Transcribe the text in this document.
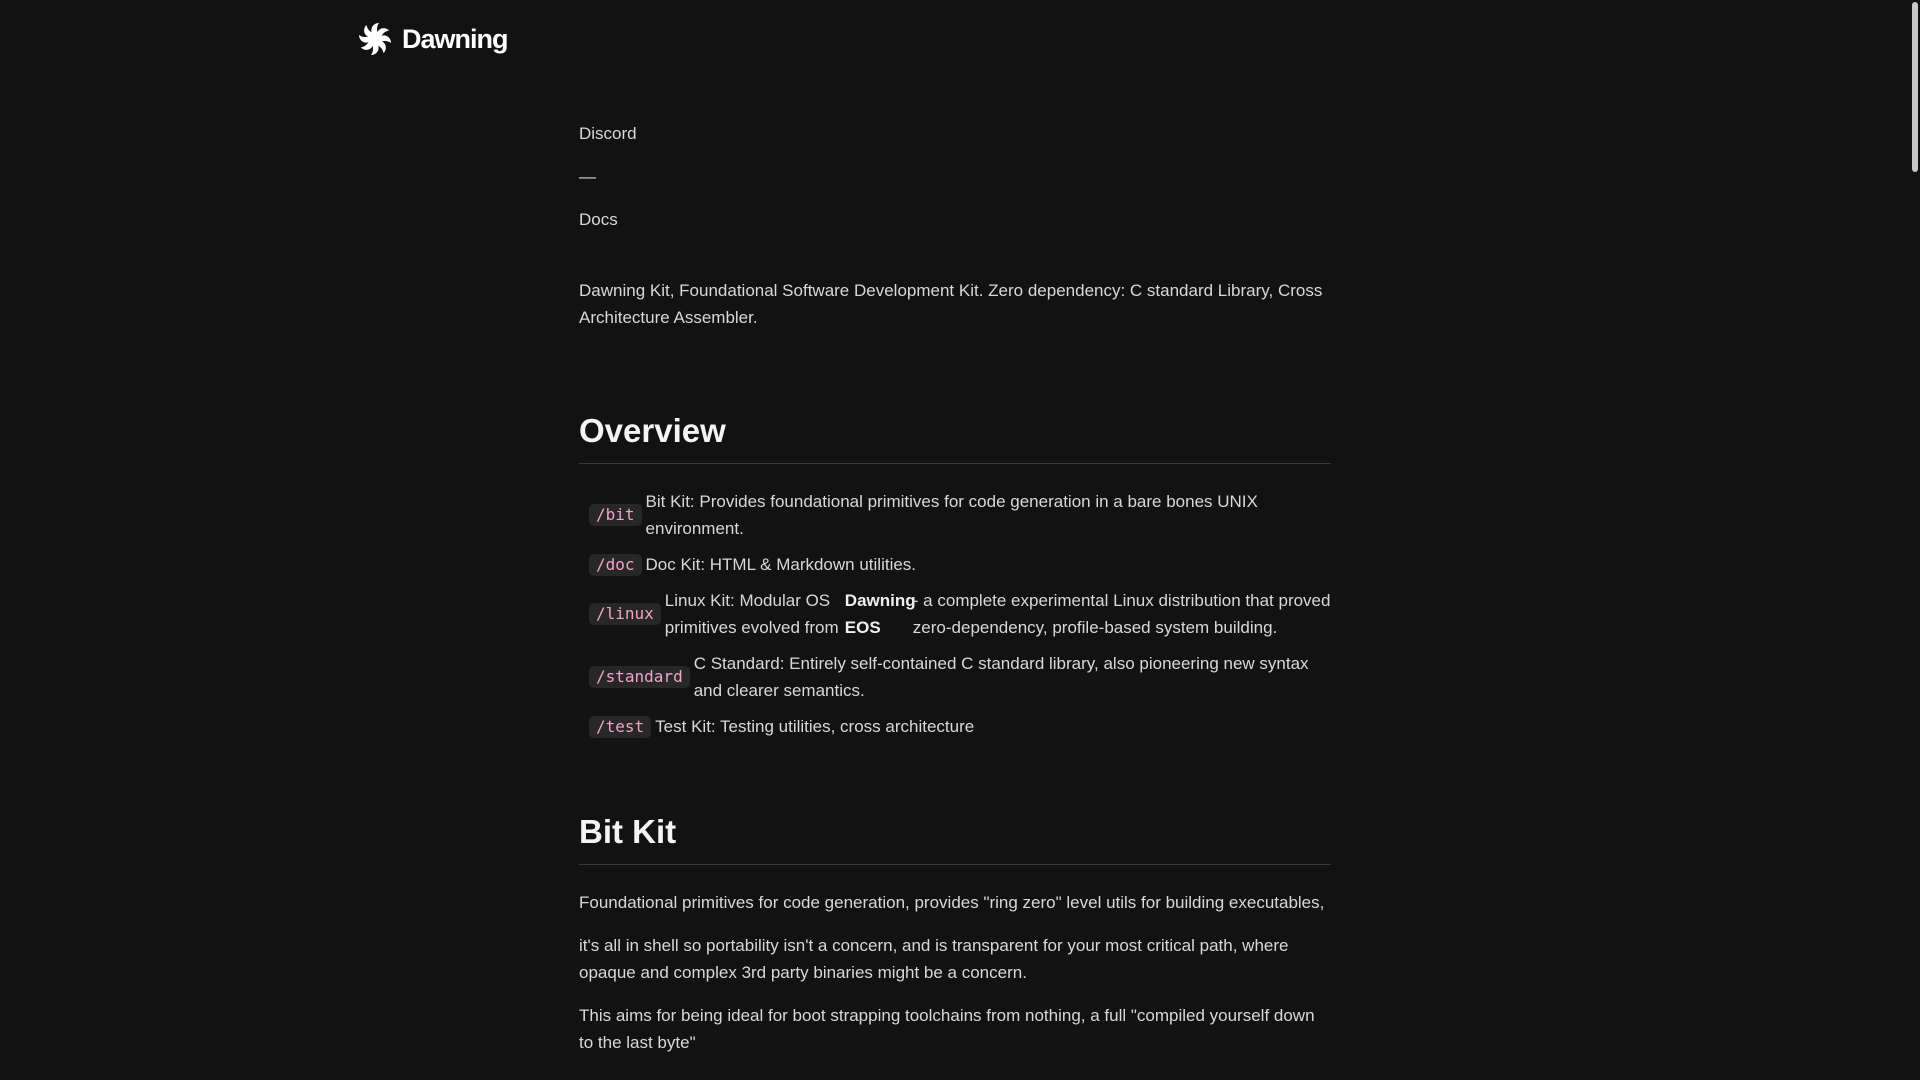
Dawning
Discord
—
Docs

Dawning Kit, Foundational Software Development Kit. Zero dependency: C standard Library, Cross Architecture Assembler.

Overview
/bit
Bit Kit: Provides foundational primitives for code generation in a bare bones UNIX environment.
/doc Doc Kit: HTML & Markdown utilities.
/linux
Linux Kit: Modular OS primitives evolved from
Dawning EOS
- a complete experimental Linux distribution that proved zero-dependency, profile-based system building.
/standard
C Standard: Entirely self-contained C standard library, also pioneering new syntax and clearer semantics.
/test Test Kit: Testing utilities, cross architecture
Bit Kit

Foundational primitives for code generation, provides "ring zero" level utils for building executables,

it's all in shell so portability isn't a concern, and is transparent for your most critical path, where opaque and complex 3rd party binaries might be a concern.

This aims for being ideal for boot strapping toolchains from nothing, a full "compiled yourself down to the last byte"
